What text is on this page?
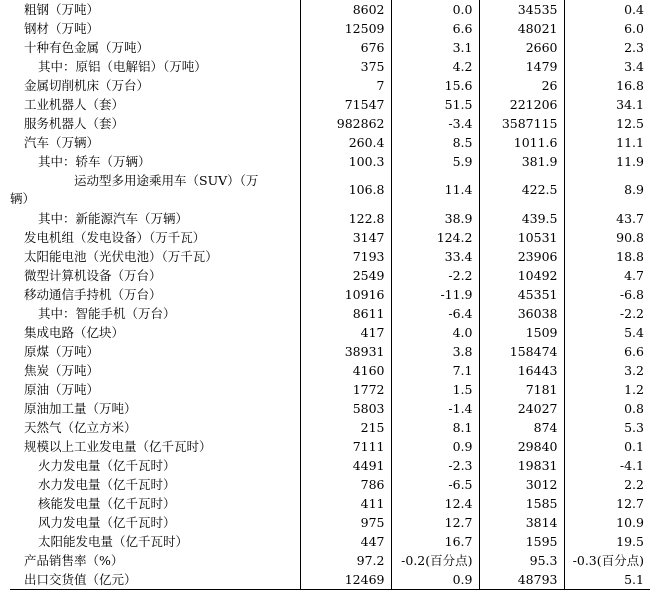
粗钢（万吨）	8602	0.0	34535	0.4
钢材（万吨）	12509	6.6	48021	6.0
十种有色金属（万吨）	676	3.1	2660	2.3
其中：原铝（电解铝）（万吨）	375	4.2	1479	3.4
金属切削机床（万台）	7	15.6	26	16.8
工业机器人（套）	71547	51.5	221206	34.1
服务机器人（套）	982862	-3.4	3587115	12.5
汽车（万辆）	260.4	8.5	1011.6	11.1
其中：轿车（万辆）	100.3	5.9	381.9	11.9

运动型多用途乘用车（SUV）（万
辆）	106.8	11.4	422.5	8.9
其中：新能源汽车（万辆）	122.8	38.9	439.5	43.7
发电机组（发电设备）（万千瓦）	3147	124.2	10531	90.8
太阳能电池（光伏电池）（万千瓦）	7193	33.4	23906	18.8
微型计算机设备（万台）	2549	-2.2	10492	4.7
移动通信手持机（万台）	10916	-11.9	45351	-6.8
其中：智能手机（万台）	8611	-6.4	36038	-2.2
集成电路（亿块）	417	4.0	1509	5.4
原煤（万吨）	38931	3.8	158474	6.6
焦炭（万吨）	4160	7.1	16443	3.2
原油（万吨）	1772	1.5	7181	1.2
原油加工量（万吨）	5803	-1.4	24027	0.8
天然气（亿立方米）	215	8.1	874	5.3
规模以上工业发电量（亿千瓦时）	7111	0.9	29840	0.1
火力发电量（亿千瓦时）	4491	-2.3	19831	-4.1
水力发电量（亿千瓦时）	786	-6.5	3012	2.2
核能发电量（亿千瓦时）	411	12.4	1585	12.7
风力发电量（亿千瓦时）	975	12.7	3814	10.9
太阳能发电量（亿千瓦时）	447	16.7	1595	19.5
产品销售率（%）	97.2	-0.2(百分点)	95.3	-0.3(百分点)
出口交货值（亿元）	12469	0.9	48793	5.1
